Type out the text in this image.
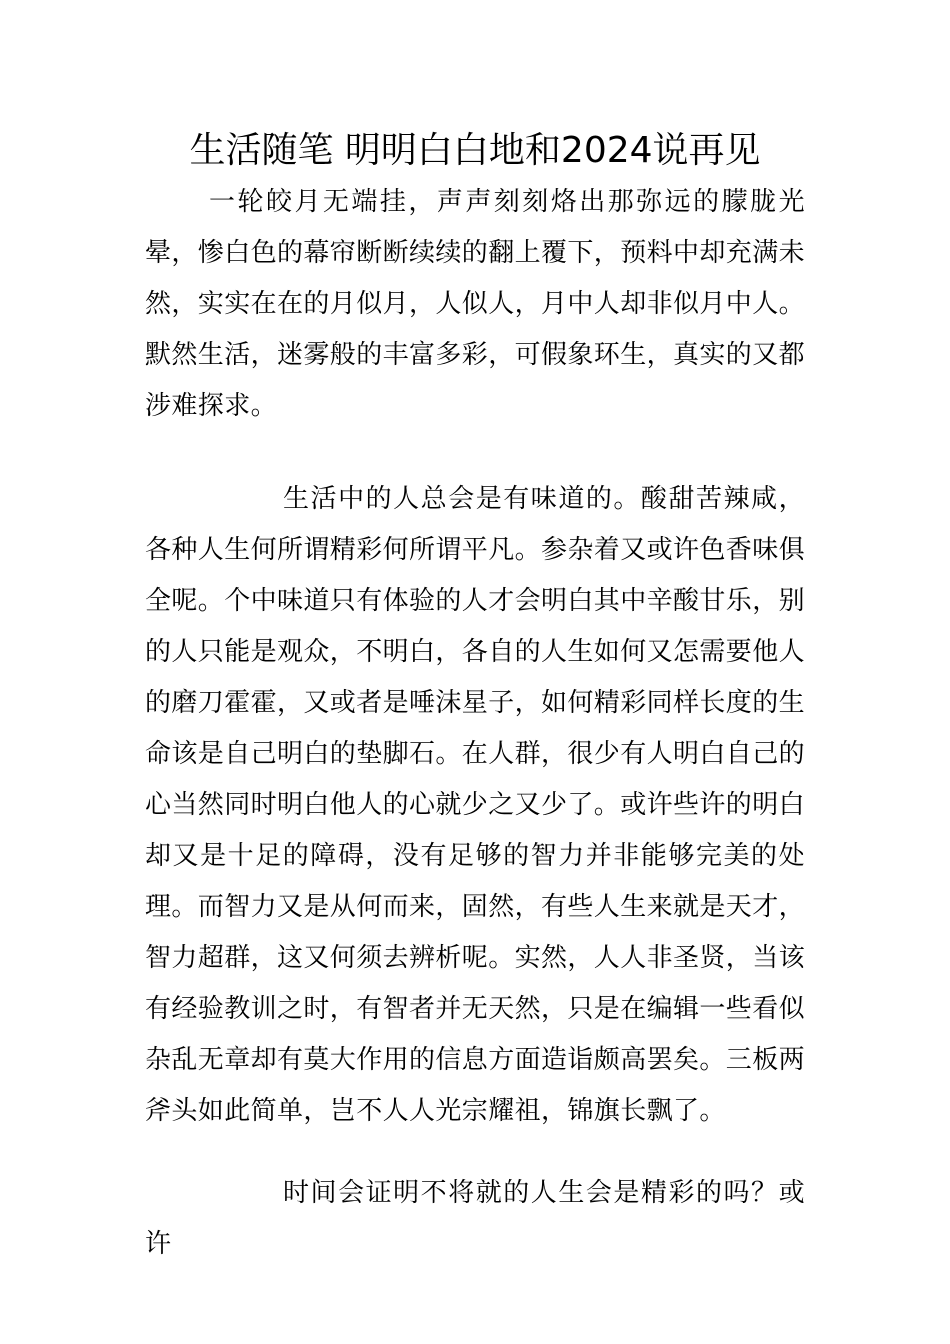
生活随笔 明明白白地和2024说再见

一轮皎月无端挂，声声刻刻烙出那弥远的朦胧光晕，惨白色的幕帘断断续续的翻上覆下，预料中却充满未然，实实在在的月似月，人似人，月中人却非似月中人。默然生活，迷雾般的丰富多彩，可假象环生，真实的又都涉难探求。

生活中的人总会是有味道的。酸甜苦辣咸，各种人生何所谓精彩何所谓平凡。参杂着又或许色香味俱全呢。个中味道只有体验的人才会明白其中辛酸甘乐，别的人只能是观众，不明白，各自的人生如何又怎需要他人的磨刀霍霍，又或者是唾沫星子，如何精彩同样长度的生命该是自己明白的垫脚石。在人群，很少有人明白自己的心当然同时明白他人的心就少之又少了。或许些许的明白却又是十足的障碍，没有足够的智力并非能够完美的处理。而智力又是从何而来，固然，有些人生来就是天才，智力超群，这又何须去辨析呢。实然，人人非圣贤，当该有经验教训之时，有智者并无天然，只是在编辑一些看似杂乱无章却有莫大作用的信息方面造诣颇高罢矣。三板两斧头如此简单，岂不人人光宗耀祖，锦旗长飘了。

时间会证明不将就的人生会是精彩的吗？或许
